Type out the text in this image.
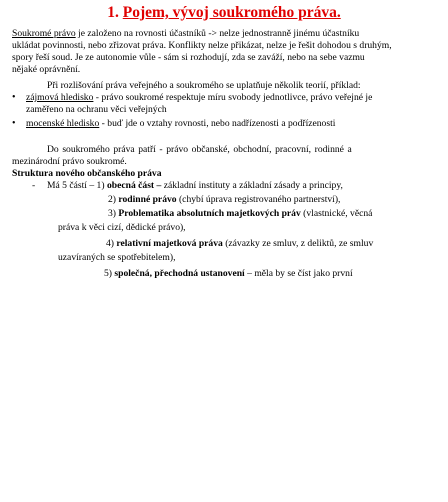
1. Pojem, vývoj soukromého práva.
Soukromé právo je založeno na rovnosti účastníků -> nelze jednostranně jinému účastníku
ukládat povinnosti, nebo zřizovat práva. Konflikty nelze přikázat, nelze je řešit dohodou s druhým,
spory řeší soud. Je ze autonomie vůle - sám si rozhodují, zda se zaváží, nebo na sebe vazmu
nějaké oprávnění.
Při rozlišování práva veřejného a soukromého se uplatňuje několik teorií, příklad:
•	zájmová hledisko - právo soukromé respektuje míru svobody jednotlivce, právo veřejné je
zaměřeno na ochranu věci veřejných
•	mocenské hledisko - buď jde o vztahy rovnosti, nebo nadřízenosti a podřízenosti
Do soukromého práva patří - právo občanské, obchodní, pracovní, rodinné a
mezinárodní právo soukromé.
Struktura nového občanského práva
- Má 5 částí – 1) obecná část – základní instituty a základní zásady a principy,
2) rodinné právo (chybí úprava registrovaného partnerství),
3) Problematika absolutních majetkových práv (vlastnické, věcná
práva k věci cizí, dědické právo),
4) relativní majetková práva (závazky ze smluv, z deliktů, ze smluv
uzavíraných se spotřebitelem),
5) společná, přechodná ustanovení – měla by se číst jako první
